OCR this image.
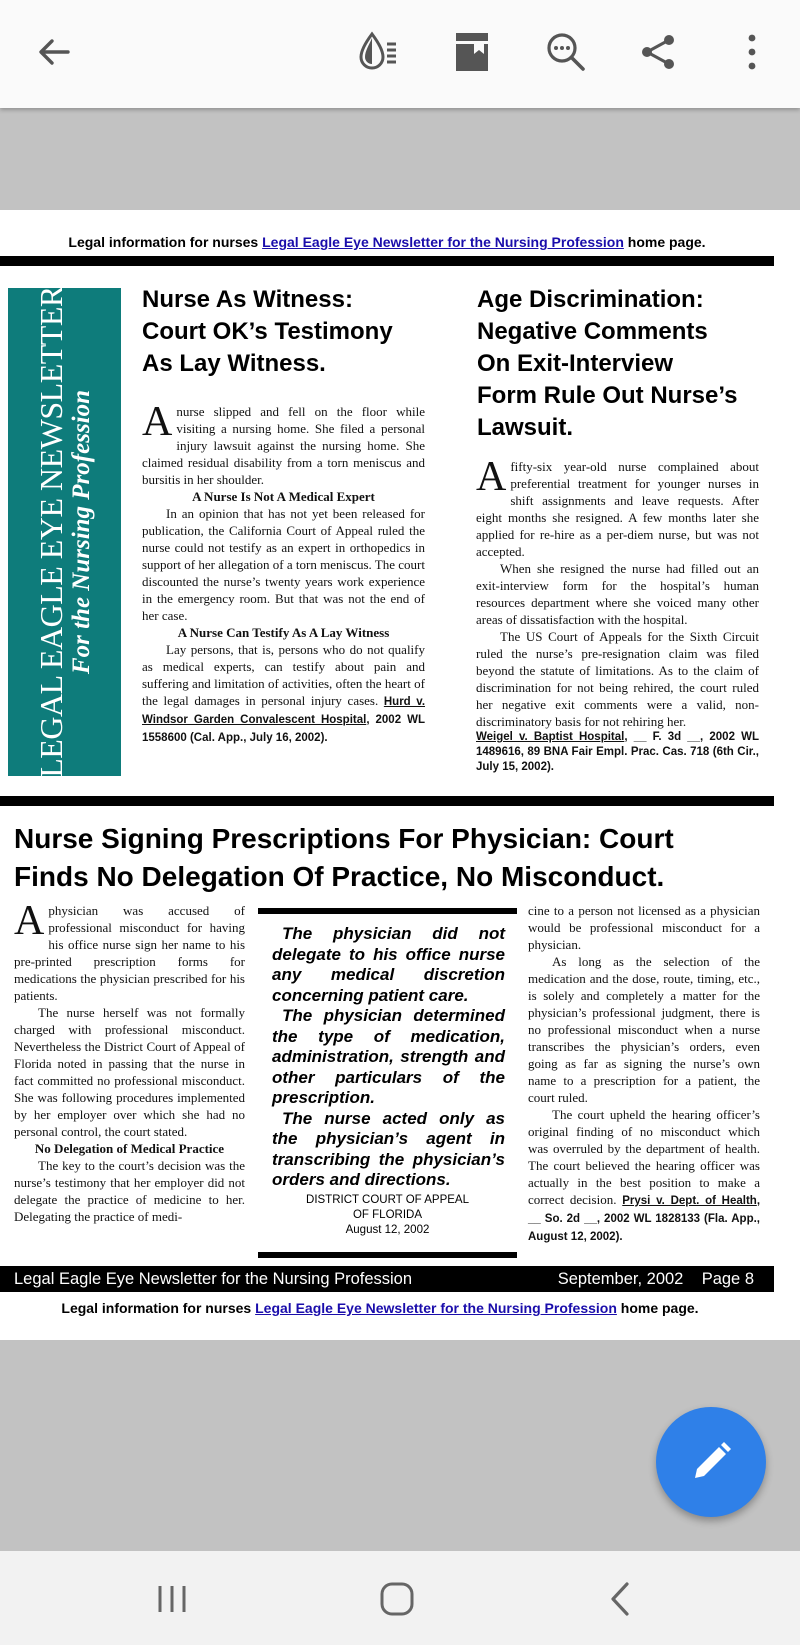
Legal information for nurses Legal Eagle Eye Newsletter for the Nursing Profession home page.
LEGAL EAGLE EYE NEWSLETTER For the Nursing Profession
Nurse As Witness:
Court OK’s Testimony
As Lay Witness.

Anurse slipped and fell on the floor while visiting a nursing home. She filed a personal injury lawsuit against the nursing home. She claimed residual disability from a torn meniscus and bursitis in her shoulder.

A Nurse Is Not A Medical Expert

In an opinion that has not yet been released for publication, the California Court of Appeal ruled the nurse could not testify as an expert in orthopedics in support of her allegation of a torn meniscus. The court discounted the nurse’s twenty years work experience in the emergency room. But that was not the end of her case.

A Nurse Can Testify As A Lay Witness

Lay persons, that is, persons who do not qualify as medical experts, can testify about pain and suffering and limitation of activities, often the heart of the legal damages in personal injury cases. Hurd v. Windsor Garden Convalescent Hospital, 2002 WL 1558600 (Cal. App., July 16, 2002).

Age Discrimination:
Negative Comments
On Exit-Interview
Form Rule Out Nurse’s
Lawsuit.

Afifty-six year-old nurse complained about preferential treatment for younger nurses in shift assignments and leave requests. After eight months she resigned. A few months later she applied for re-hire as a per-diem nurse, but was not accepted.

When she resigned the nurse had filled out an exit-interview form for the hospital’s human resources department where she voiced many other areas of dissatisfaction with the hospital.

The US Court of Appeals for the Sixth Circuit ruled the nurse’s pre-resignation claim was filed beyond the statute of limitations. As to the claim of discrimination for not being rehired, the court ruled her negative exit comments were a valid, non-discriminatory basis for not rehiring her.

Weigel v. Baptist Hospital, __ F. 3d __, 2002 WL 1489616, 89 BNA Fair Empl. Prac. Cas. 718 (6th Cir., July 15, 2002).

Nurse Signing Prescriptions For Physician: Court
Finds No Delegation Of Practice, No Misconduct.

Aphysician was accused of professional misconduct for having his office nurse sign her name to his pre-printed prescription forms for medications the physician prescribed for his patients.

The nurse herself was not formally charged with professional misconduct. Nevertheless the District Court of Appeal of Florida noted in passing that the nurse in fact committed no professional misconduct. She was following procedures implemented by her employer over which she had no personal control, the court stated.

No Delegation of Medical Practice

The key to the court’s decision was the nurse’s testimony that her employer did not delegate the practice of medicine to her. Delegating the practice of medi-

The physician did not delegate to his office nurse any medical discretion concerning patient care.

The physician determined the type of medication, administration, strength and other particulars of the prescription.

The nurse acted only as the physician’s agent in transcribing the physician’s orders and directions.

DISTRICT COURT OF APPEAL
OF FLORIDA
August 12, 2002

cine to a person not licensed as a physician would be professional misconduct for a physician.

As long as the selection of the medication and the dose, route, timing, etc., is solely and completely a matter for the physician’s professional judgment, there is no professional misconduct when a nurse transcribes the physician’s orders, even going as far as signing the nurse’s own name to a prescription for a patient, the court ruled.

The court upheld the hearing officer’s original finding of no misconduct which was overruled by the department of health. The court believed the hearing officer was actually in the best position to make a correct decision. Prysi v. Dept. of Health, __ So. 2d __, 2002 WL 1828133 (Fla. App., August 12, 2002).

Legal Eagle Eye Newsletter for the Nursing Profession	September, 2002    Page 8
Legal information for nurses Legal Eagle Eye Newsletter for the Nursing Profession home page.
